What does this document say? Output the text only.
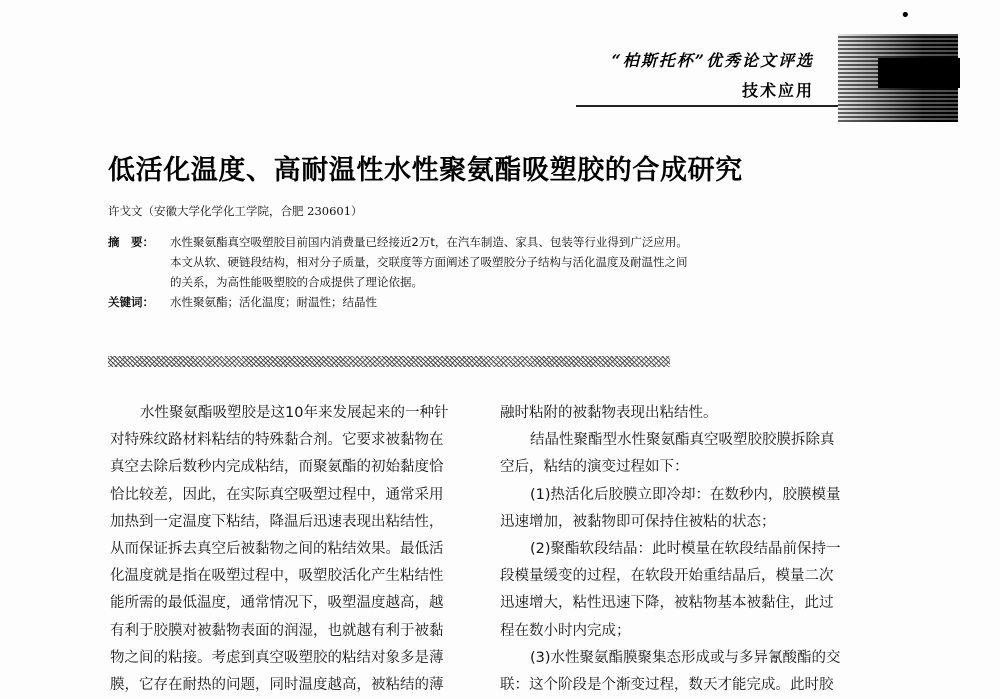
•
“柏斯托杯”优秀论文评选
技术应用
低活化温度、高耐温性水性聚氨酯吸塑胶的合成研究
许戈文（安徽大学化学化工学院，合肥 230601）
摘　要： 水性聚氨酯真空吸塑胶目前国内消费量已经接近2万t，在汽车制造、家具、包装等行业得到广泛应用。
本文从软、硬链段结构，相对分子质量，交联度等方面阐述了吸塑胶分子结构与活化温度及耐温性之间
的关系，为高性能吸塑胶的合成提供了理论依据。
关键词： 水性聚氨酯；活化温度；耐温性；结晶性
水性聚氨酯吸塑胶是这10年来发展起来的一种针
对特殊纹路材料粘结的特殊黏合剂。它要求被黏物在
真空去除后数秒内完成粘结，而聚氨酯的初始黏度恰
恰比较差，因此，在实际真空吸塑过程中，通常采用
加热到一定温度下粘结，降温后迅速表现出粘结性，
从而保证拆去真空后被黏物之间的粘结效果。最低活
化温度就是指在吸塑过程中，吸塑胶活化产生粘结性
能所需的最低温度，通常情况下，吸塑温度越高，越
有利于胶膜对被黏物表面的润湿，也就越有利于被黏
物之间的粘接。考虑到真空吸塑胶的粘结对象多是薄
膜，它存在耐热的问题，同时温度越高，被粘结的薄
融时粘附的被黏物表现出粘结性。
结晶性聚酯型水性聚氨酯真空吸塑胶胶膜拆除真
空后，粘结的演变过程如下：
(1)热活化后胶膜立即冷却：在数秒内，胶膜模量
迅速增加，被黏物即可保持住被粘的状态；
(2)聚酯软段结晶：此时模量在软段结晶前保持一
段模量缓变的过程，在软段开始重结晶后，模量二次
迅速增大，粘性迅速下降，被粘物基本被黏住，此过
程在数小时内完成；
(3)水性聚氨酯膜聚集态形成或与多异氰酸酯的交
联：这个阶段是个渐变过程，数天才能完成。此时胶
